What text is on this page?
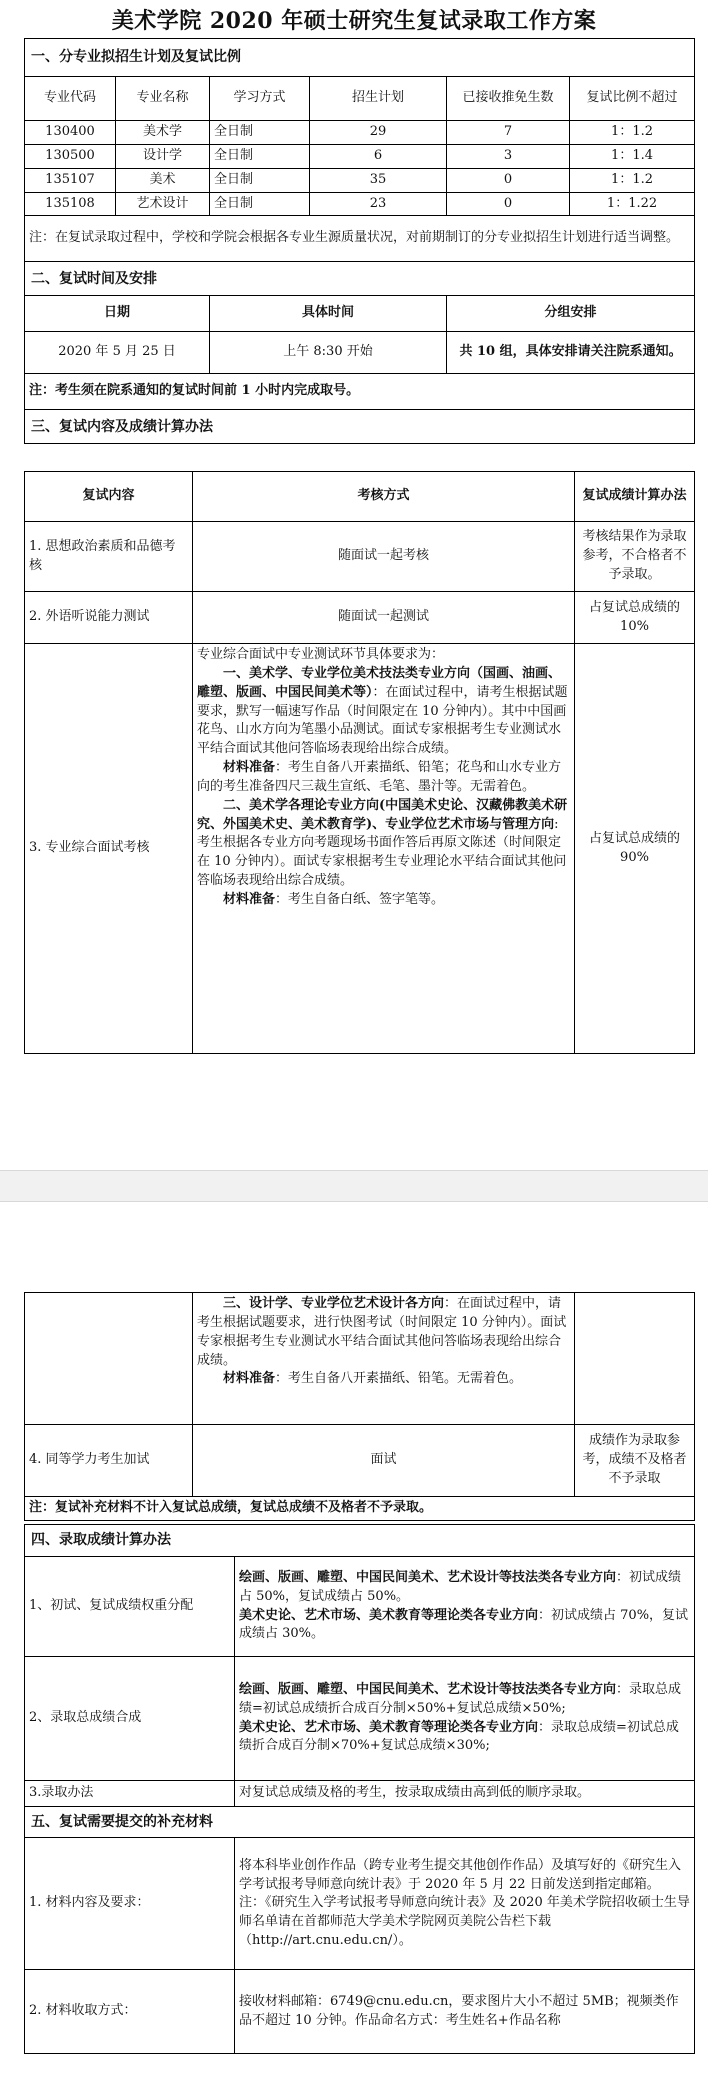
美术学院 2020 年硕士研究生复试录取工作方案
一、分专业拟招生计划及复试比例					
专业代码	专业名称	学习方式	招生计划	已接收推免生数	复试比例不超过
130400	美术学	全日制	29	7	1：1.2
130500	设计学	全日制	6	3	1：1.4
135107	美术	全日制	35	0	1：1.2
135108	艺术设计	全日制	23	0	1：1.22
注：在复试录取过程中，学校和学院会根据各专业生源质量状况，对前期制订的分专业拟招生计划进行适当调整。					
二、复试时间及安排					
日期		具体时间		分组安排	
2020 年 5 月 25 日		上午 8:30 开始		共 10 组，具体安排请关注院系通知。	
注：考生须在院系通知的复试时间前 1 小时内完成取号。					
三、复试内容及成绩计算办法					
复试内容	考核方式	复试成绩计算办法
1. 思想政治素质和品德考核	随面试一起考核	考核结果作为录取参考，不合格者不予录取。
2. 外语听说能力测试	随面试一起测试	占复试总成绩的 10%
3. 专业综合面试考核	专业综合面试中专业测试环节具体要求为：

一、美术学、专业学位美术技法类专业方向（国画、油画、雕塑、版画、中国民间美术等）：在面试过程中，请考生根据试题要求，默写一幅速写作品（时间限定在 10 分钟内）。其中中国画花鸟、山水方向为笔墨小品测试。面试专家根据考生专业测试水平结合面试其他问答临场表现给出综合成绩。

材料准备：考生自备八开素描纸、铅笔；花鸟和山水专业方向的考生准备四尺三裁生宣纸、毛笔、墨汁等。无需着色。

二、美术学各理论专业方向(中国美术史论、汉藏佛教美术研究、外国美术史、美术教育学)、专业学位艺术市场与管理方向:考生根据各专业方向考题现场书面作答后再原文陈述（时间限定在 10 分钟内）。面试专家根据考生专业理论水平结合面试其他问答临场表现给出综合成绩。

材料准备：考生自备白纸、签字笔等。	占复试总成绩的 90%

	三、设计学、专业学位艺术设计各方向：在面试过程中，请考生根据试题要求，进行快图考试（时间限定 10 分钟内）。面试专家根据考生专业测试水平结合面试其他问答临场表现给出综合成绩。

材料准备：考生自备八开素描纸、铅笔。无需着色。	

4. 同等学力考生加试	面试	成绩作为录取参考，成绩不及格者不予录取
注：复试补充材料不计入复试总成绩，复试总成绩不及格者不予录取。		
四、录取成绩计算办法	
1、初试、复试成绩权重分配	绘画、版画、雕塑、中国民间美术、艺术设计等技法类各专业方向：初试成绩占 50%，复试成绩占 50%。

美术史论、艺术市场、美术教育等理论类各专业方向：初试成绩占 70%，复试成绩占 30%。

2、录取总成绩合成	绘画、版画、雕塑、中国民间美术、艺术设计等技法类各专业方向：录取总成绩=初试总成绩折合成百分制×50%+复试总成绩×50%;

美术史论、艺术市场、美术教育等理论类各专业方向：录取总成绩=初试总成绩折合成百分制×70%+复试总成绩×30%;

3.录取办法	对复试总成绩及格的考生，按录取成绩由高到低的顺序录取。
五、复试需要提交的补充材料	
1. 材料内容及要求：	将本科毕业创作作品（跨专业考生提交其他创作作品）及填写好的《研究生入学考试报考导师意向统计表》于 2020 年 5 月 22 日前发送到指定邮箱。

注：《研究生入学考试报考导师意向统计表》及 2020 年美术学院招收硕士生导师名单请在首都师范大学美术学院网页美院公告栏下载（http://art.cnu.edu.cn/）。

2. 材料收取方式：	接收材料邮箱：6749@cnu.edu.cn，要求图片大小不超过 5MB；视频类作品不超过 10 分钟。作品命名方式：考生姓名+作品名称
